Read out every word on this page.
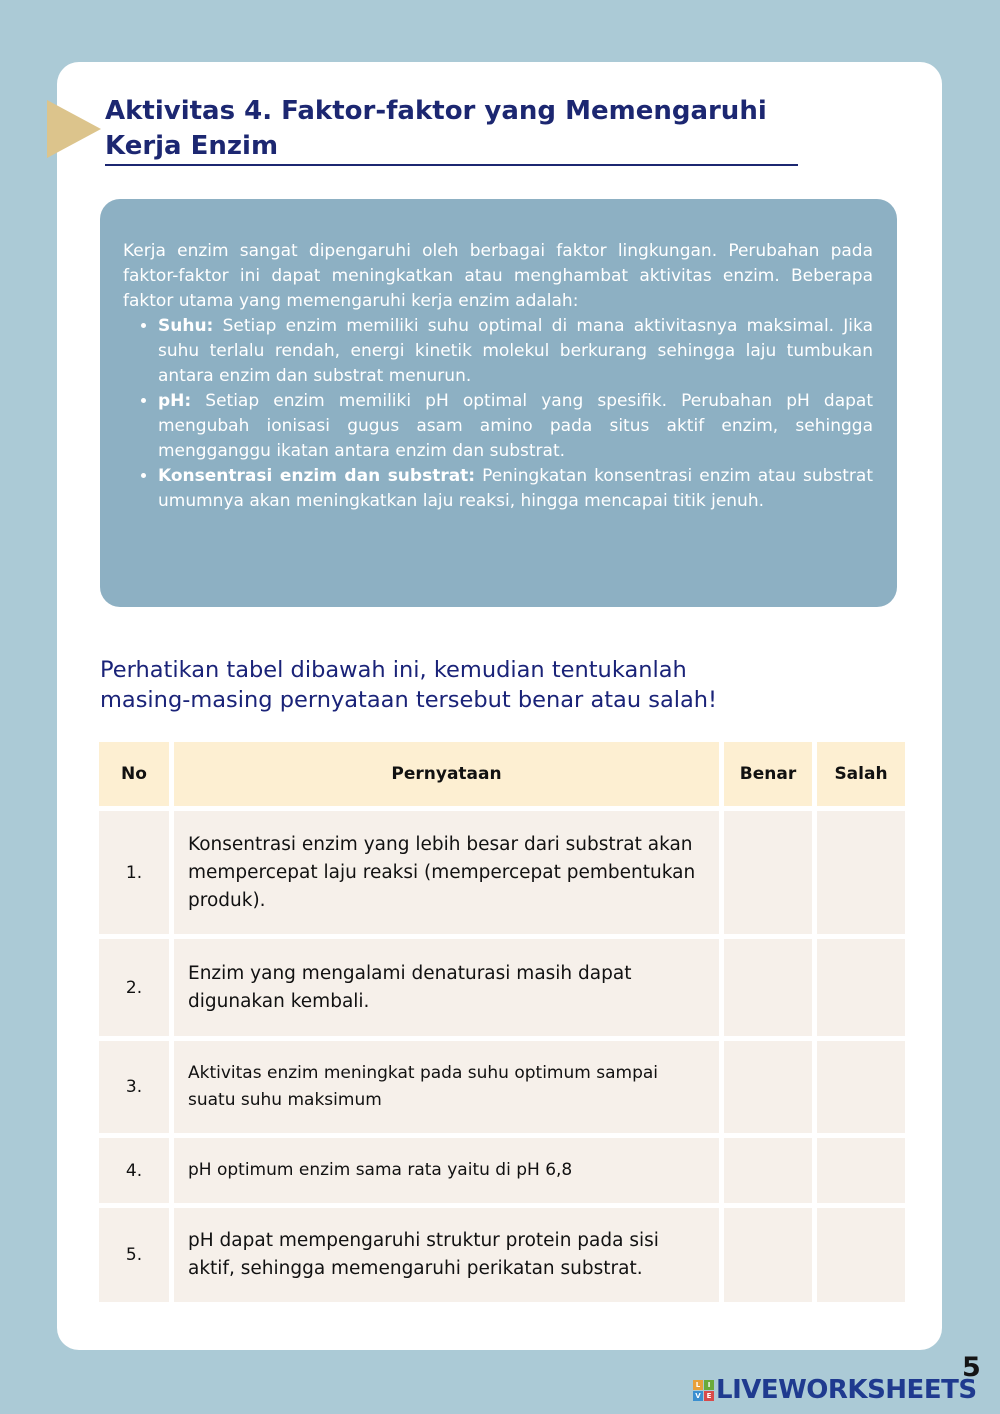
Aktivitas 4. Faktor-faktor yang Memengaruhi
Kerja Enzim

Kerja enzim sangat dipengaruhi oleh berbagai faktor lingkungan. Perubahan pada faktor-faktor ini dapat meningkatkan atau menghambat aktivitas enzim. Beberapa faktor utama yang memengaruhi kerja enzim adalah:

• Suhu: Setiap enzim memiliki suhu optimal di mana aktivitasnya maksimal. Jika suhu terlalu rendah, energi kinetik molekul berkurang sehingga laju tumbukan antara enzim dan substrat menurun.
• pH: Setiap enzim memiliki pH optimal yang spesifik. Perubahan pH dapat mengubah ionisasi gugus asam amino pada situs aktif enzim, sehingga mengganggu ikatan antara enzim dan substrat.
• Konsentrasi enzim dan substrat: Peningkatan konsentrasi enzim atau substrat umumnya akan meningkatkan laju reaksi, hingga mencapai titik jenuh.
Perhatikan tabel dibawah ini, kemudian tentukanlah
masing-masing pernyataan tersebut benar atau salah!
No	Pernyataan	Benar	Salah
1.	Konsentrasi enzim yang lebih besar dari substrat akan mempercepat laju reaksi (mempercepat pembentukan produk).		
2.	Enzim yang mengalami denaturasi masih dapat digunakan kembali.		
3.	Aktivitas enzim meningkat pada suhu optimum sampai suatu suhu maksimum		
4.	pH optimum enzim sama rata yaitu di pH 6,8		
5.	pH dapat mempengaruhi struktur protein pada sisi aktif, sehingga memengaruhi perikatan substrat.		
5
L	I
V E LIVEWORKSHEETS
